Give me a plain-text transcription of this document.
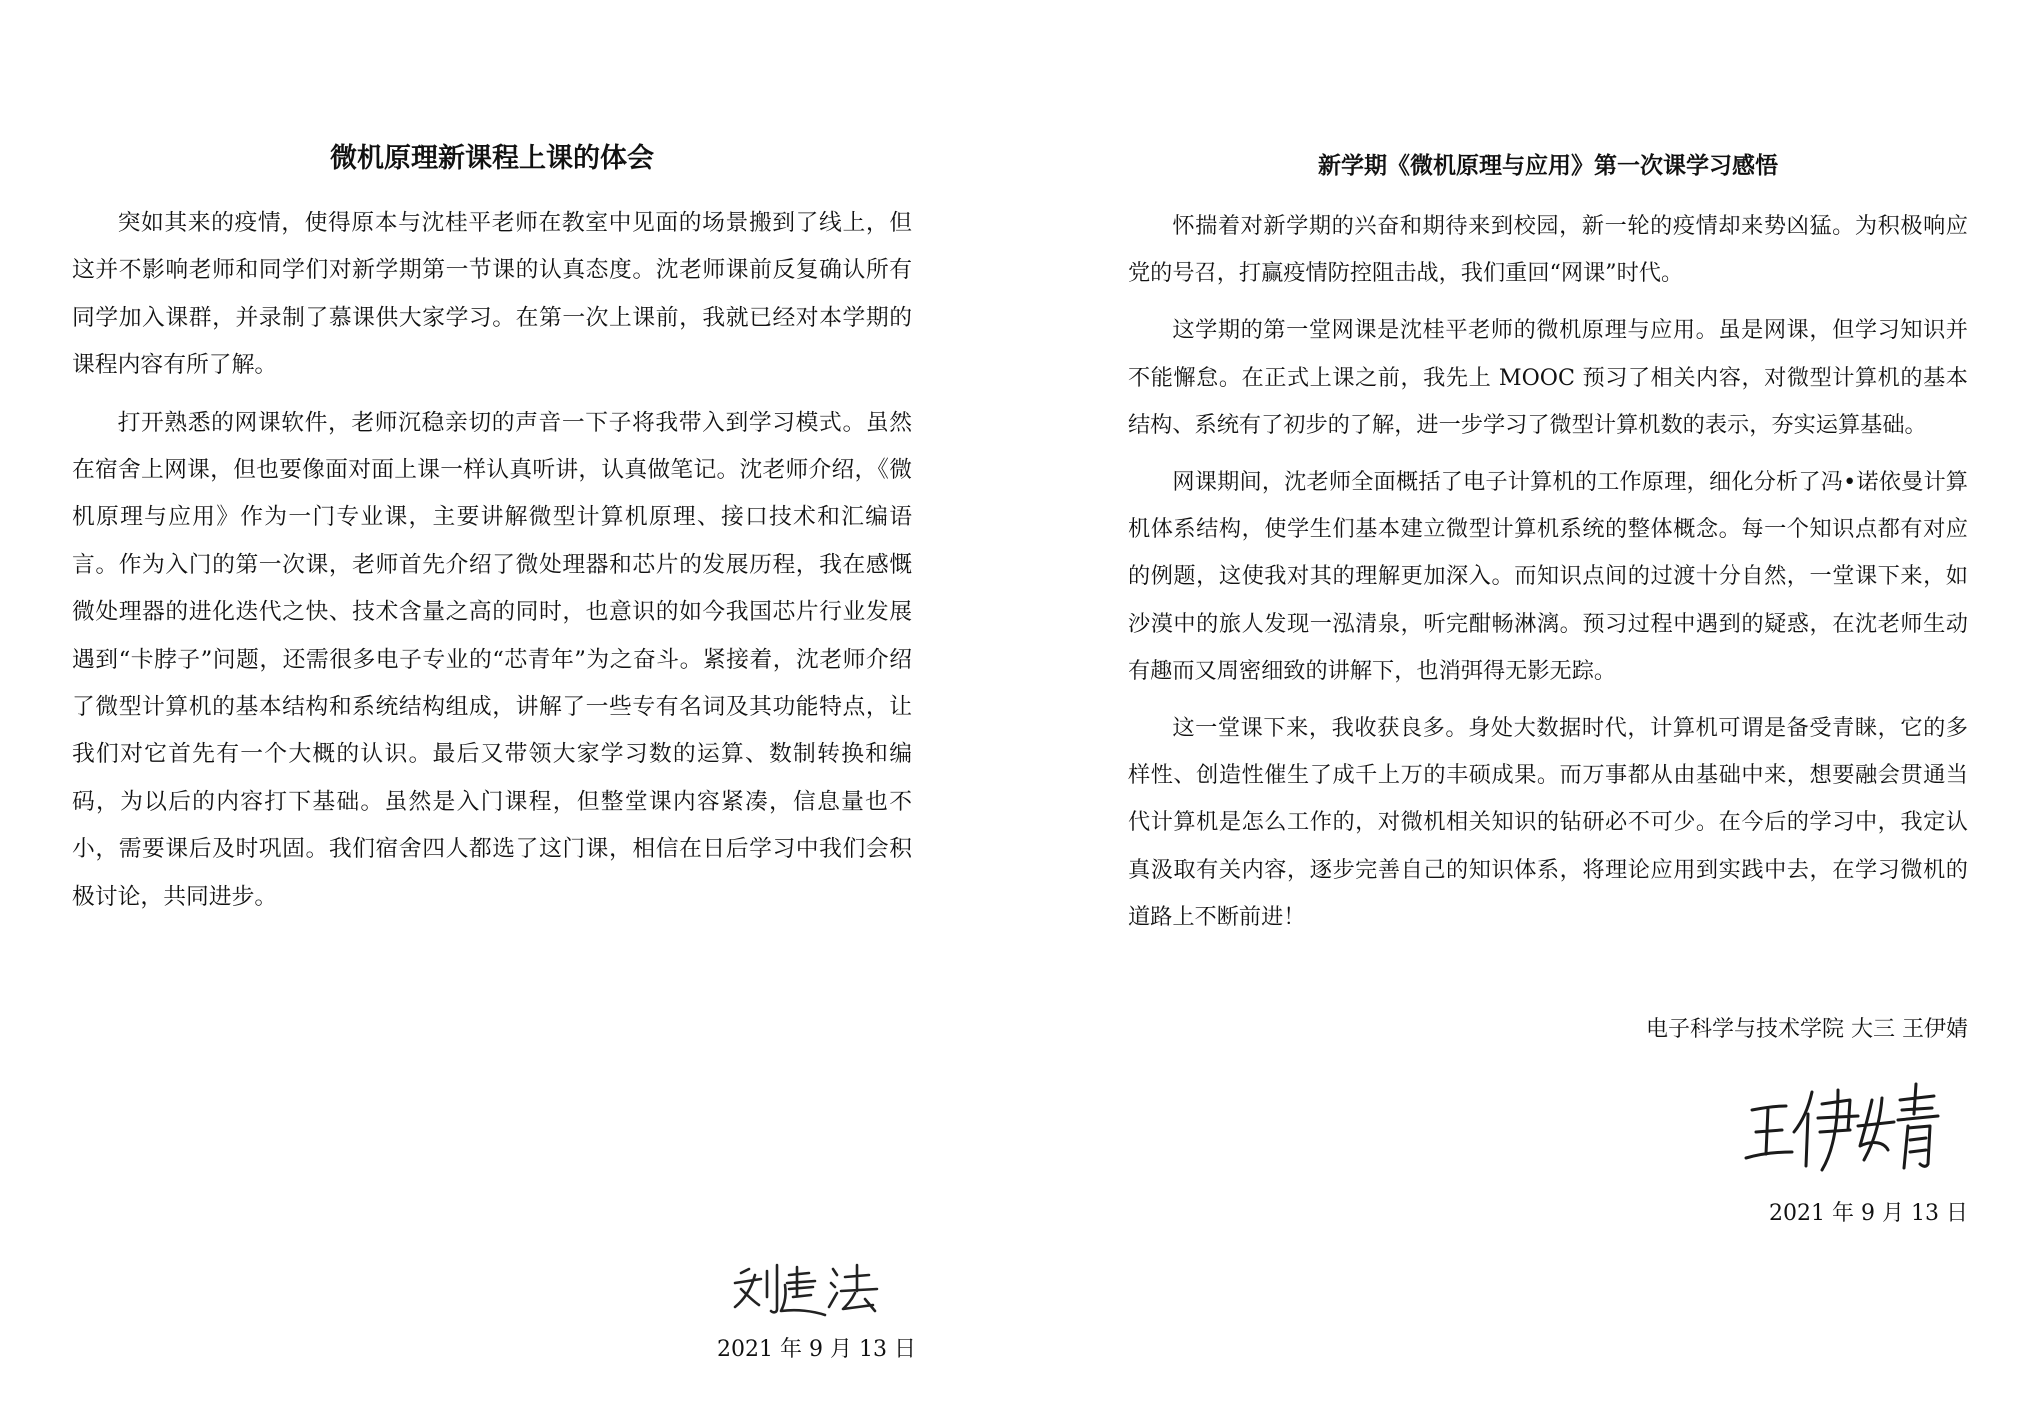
微机原理新课程上课的体会

突如其来的疫情，使得原本与沈桂平老师在教室中见面的场景搬到了线上，但这并不影响老师和同学们对新学期第一节课的认真态度。沈老师课前反复确认所有同学加入课群，并录制了慕课供大家学习。在第一次上课前，我就已经对本学期的课程内容有所了解。

打开熟悉的网课软件，老师沉稳亲切的声音一下子将我带入到学习模式。虽然在宿舍上网课，但也要像面对面上课一样认真听讲，认真做笔记。沈老师介绍，《微机原理与应用》作为一门专业课，主要讲解微型计算机原理、接口技术和汇编语言。作为入门的第一次课，老师首先介绍了微处理器和芯片的发展历程，我在感慨微处理器的进化迭代之快、技术含量之高的同时，也意识的如今我国芯片行业发展遇到“卡脖子”问题，还需很多电子专业的“芯青年”为之奋斗。紧接着，沈老师介绍了微型计算机的基本结构和系统结构组成，讲解了一些专有名词及其功能特点，让我们对它首先有一个大概的认识。最后又带领大家学习数的运算、数制转换和编码，为以后的内容打下基础。虽然是入门课程，但整堂课内容紧凑，信息量也不小，需要课后及时巩固。我们宿舍四人都选了这门课，相信在日后学习中我们会积极讨论，共同进步。

2021 年 9 月 13 日
新学期《微机原理与应用》第一次课学习感悟

怀揣着对新学期的兴奋和期待来到校园，新一轮的疫情却来势凶猛。为积极响应党的号召，打赢疫情防控阻击战，我们重回“网课”时代。

这学期的第一堂网课是沈桂平老师的微机原理与应用。虽是网课，但学习知识并不能懈怠。在正式上课之前，我先上 MOOC 预习了相关内容，对微型计算机的基本结构、系统有了初步的了解，进一步学习了微型计算机数的表示，夯实运算基础。

网课期间，沈老师全面概括了电子计算机的工作原理，细化分析了冯•诺依曼计算机体系结构，使学生们基本建立微型计算机系统的整体概念。每一个知识点都有对应的例题，这使我对其的理解更加深入。而知识点间的过渡十分自然，一堂课下来，如沙漠中的旅人发现一泓清泉，听完酣畅淋漓。预习过程中遇到的疑惑，在沈老师生动有趣而又周密细致的讲解下，也消弭得无影无踪。

这一堂课下来，我收获良多。身处大数据时代，计算机可谓是备受青睐，它的多样性、创造性催生了成千上万的丰硕成果。而万事都从由基础中来，想要融会贯通当代计算机是怎么工作的，对微机相关知识的钻研必不可少。在今后的学习中，我定认真汲取有关内容，逐步完善自己的知识体系，将理论应用到实践中去，在学习微机的道路上不断前进！

电子科学与技术学院 大三 王伊婧
2021 年 9 月 13 日
